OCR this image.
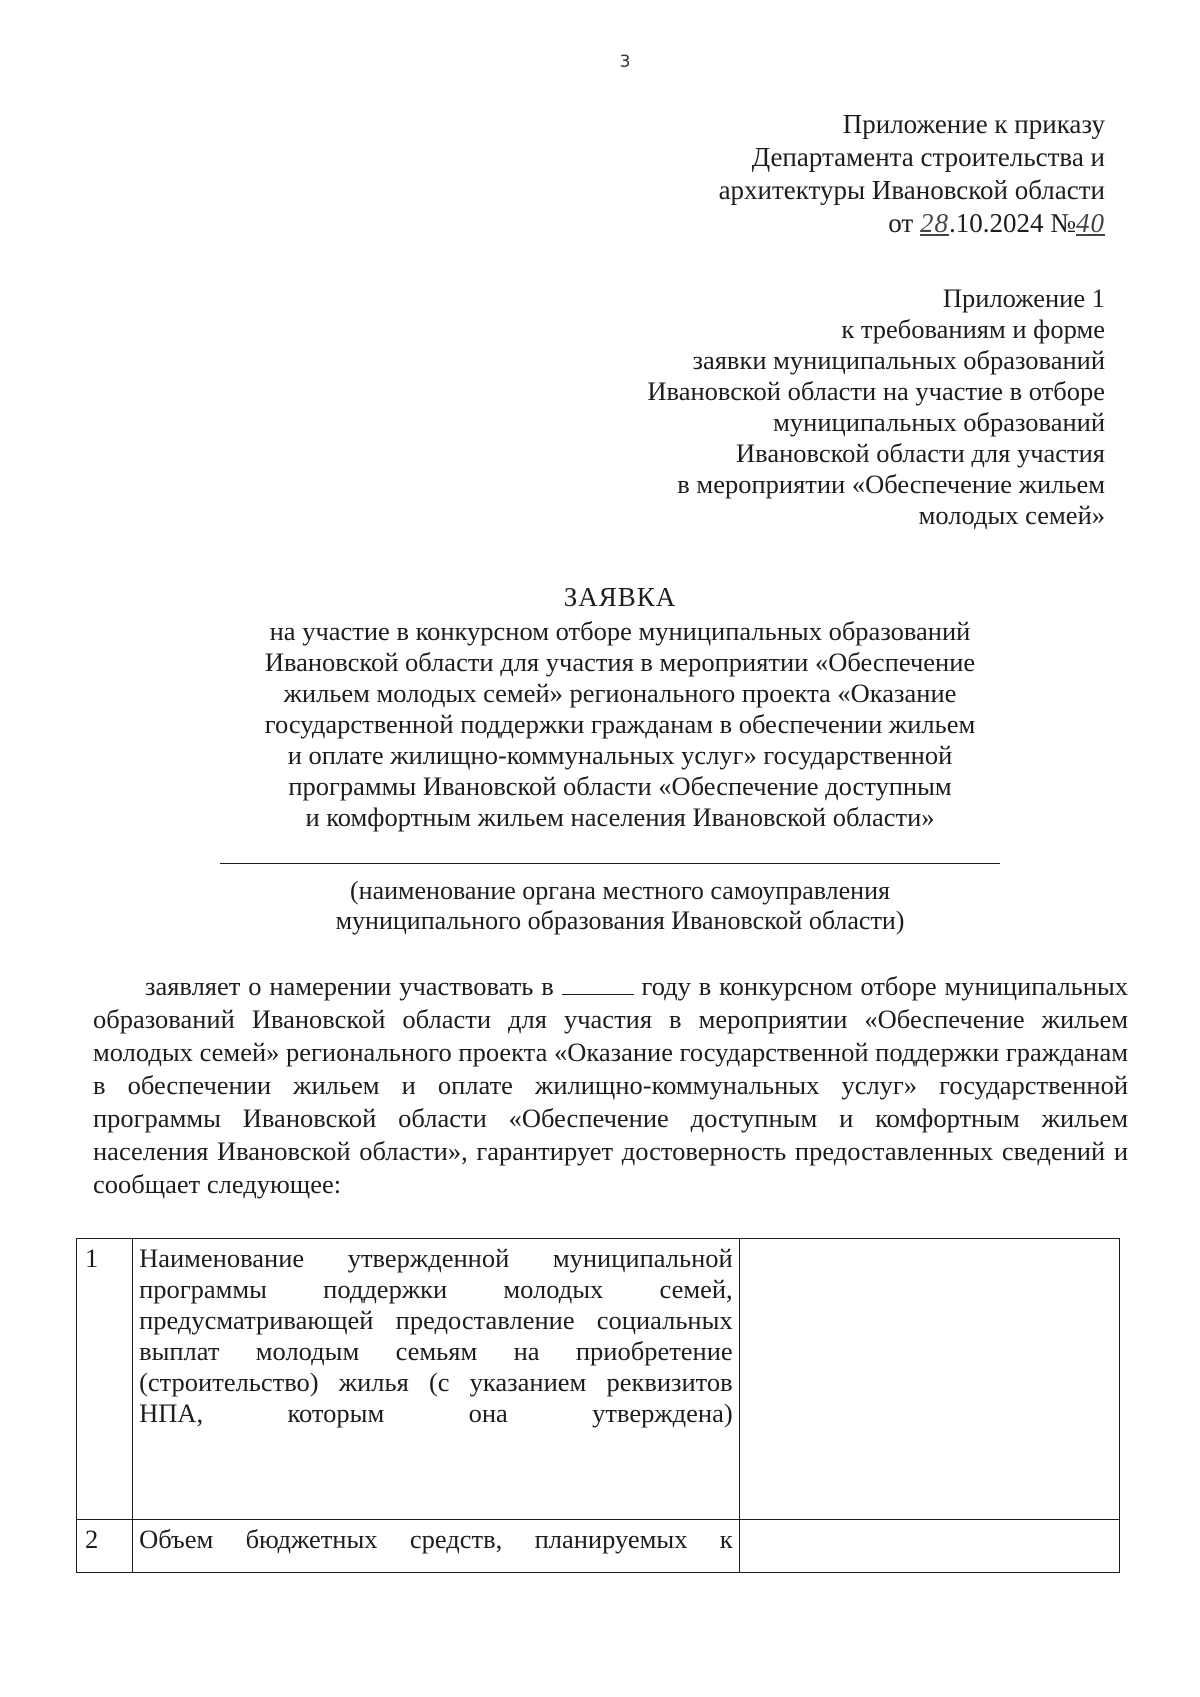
3
Приложение к приказу
Департамента строительства и
архитектуры Ивановской области
от 28.10.2024 №40
Приложение 1
к требованиям и форме
заявки муниципальных образований
Ивановской области на участие в отборе
муниципальных образований
Ивановской области для участия
в мероприятии «Обеспечение жильем
молодых семей»
ЗАЯВКА
на участие в конкурсном отборе муниципальных образований
Ивановской области для участия в мероприятии «Обеспечение
жильем молодых семей» регионального проекта «Оказание
государственной поддержки гражданам в обеспечении жильем
и оплате жилищно-коммунальных услуг» государственной
программы Ивановской области «Обеспечение доступным
и комфортным жильем населения Ивановской области»
(наименование органа местного самоуправления
муниципального образования Ивановской области)
заявляет о намерении участвовать в	году в конкурсном отборе муниципальных образований Ивановской области для участия в мероприятии «Обеспечение жильем молодых семей» регионального проекта «Оказание государственной поддержки гражданам в обеспечении жильем и оплате жилищно-коммунальных услуг» государственной программы Ивановской области «Обеспечение доступным и комфортным жильем населения Ивановской области», гарантирует достоверность предоставленных сведений и сообщает следующее:
1	Наименование утвержденной муниципальной программы поддержки молодых семей, предусматривающей предоставление социальных выплат молодым семьям на приобретение (строительство) жилья (с указанием реквизитов НПА, которым она утверждена)	
2	Объем бюджетных средств, планируемых к	
